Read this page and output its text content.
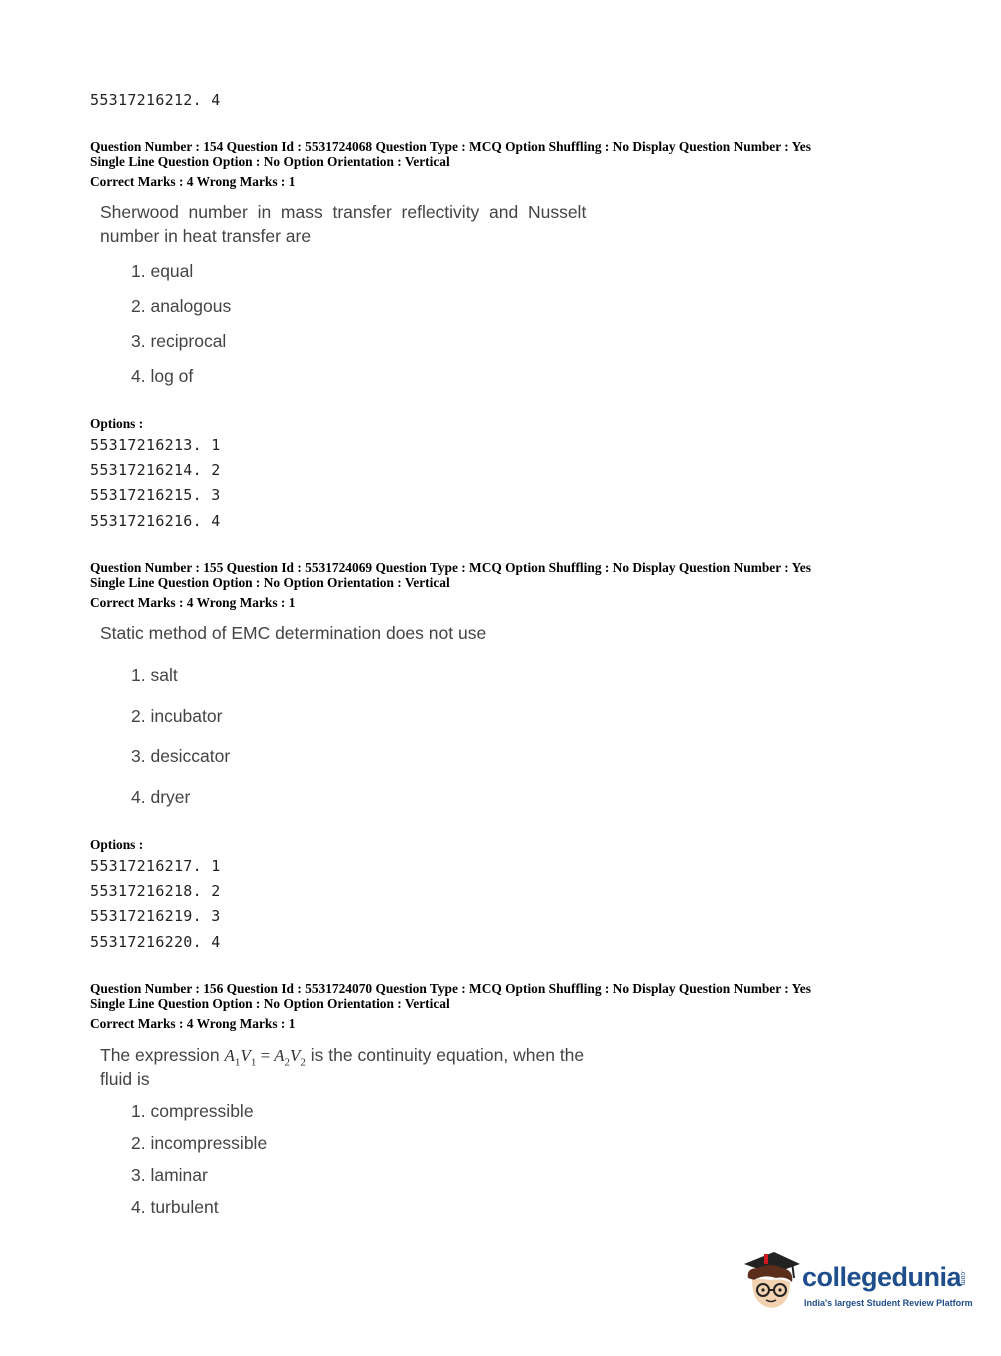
55317216212. 4
Question Number : 154 Question Id : 5531724068 Question Type : MCQ Option Shuffling : No Display Question Number : Yes
Single Line Question Option : No Option Orientation : Vertical
Correct Marks : 4 Wrong Marks : 1
Sherwood  number  in  mass  transfer  reflectivity  and  Nusselt
number in heat transfer are
1. equal
2. analogous
3. reciprocal
4. log of
Options :
55317216213. 1
55317216214. 2
55317216215. 3
55317216216. 4
Question Number : 155 Question Id : 5531724069 Question Type : MCQ Option Shuffling : No Display Question Number : Yes
Single Line Question Option : No Option Orientation : Vertical
Correct Marks : 4 Wrong Marks : 1
Static method of EMC determination does not use
1. salt
2. incubator
3. desiccator
4. dryer
Options :
55317216217. 1
55317216218. 2
55317216219. 3
55317216220. 4
Question Number : 156 Question Id : 5531724070 Question Type : MCQ Option Shuffling : No Display Question Number : Yes
Single Line Question Option : No Option Orientation : Vertical
Correct Marks : 4 Wrong Marks : 1
The expression $A_1V_1 = A_2V_2$ is the continuity equation, when the
fluid is
1. compressible
2. incompressible
3. laminar
4. turbulent
collegedunia
.com
India's largest Student Review Platform
